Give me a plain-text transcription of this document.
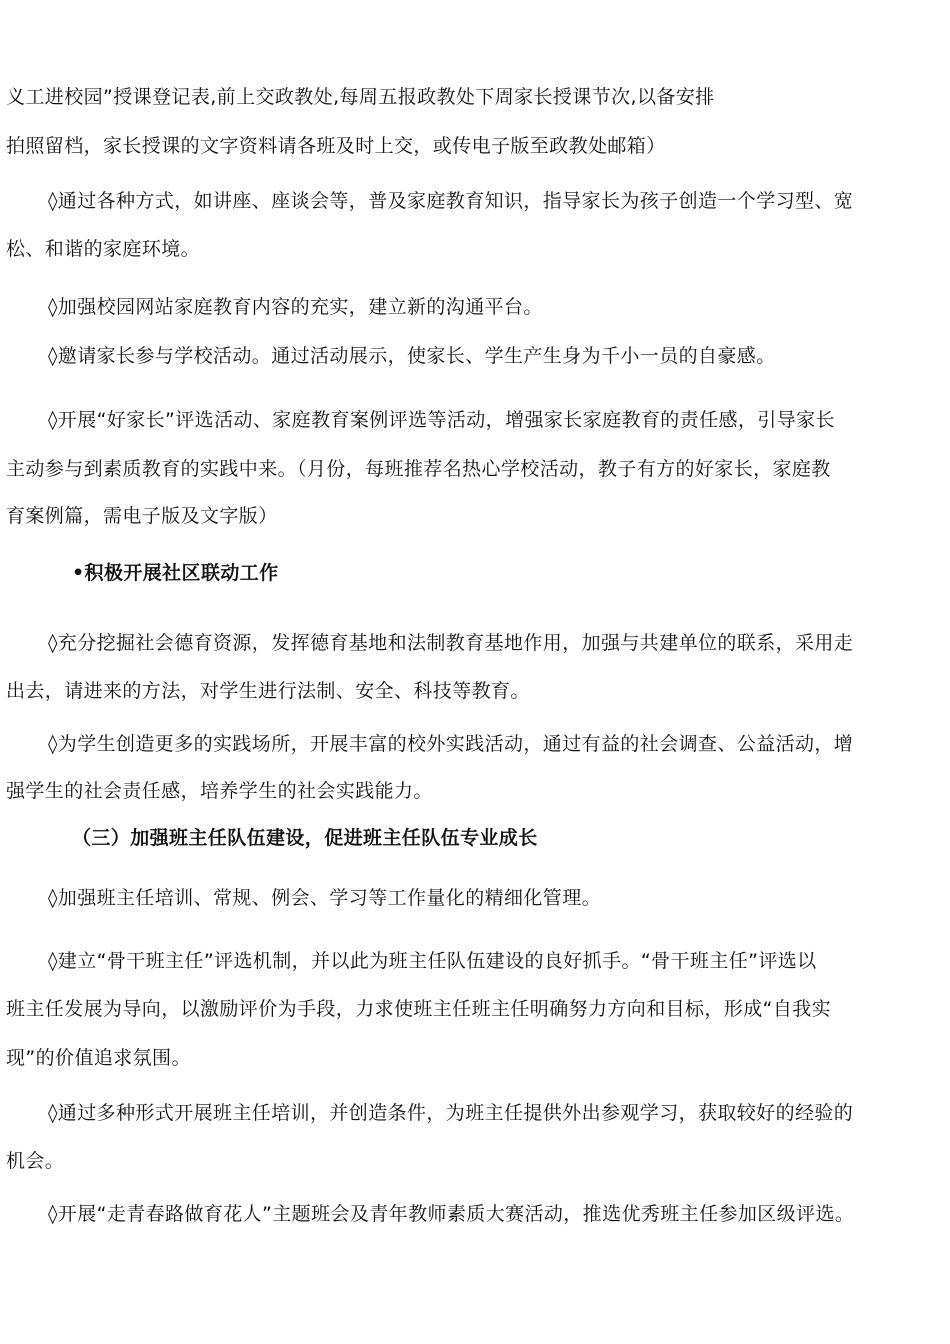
义工进校园”授课登记表,前上交政教处,每周五报政教处下周家长授课节次,以备安排
拍照留档，家长授课的文字资料请各班及时上交，或传电子版至政教处邮箱）
◊通过各种方式，如讲座、座谈会等，普及家庭教育知识，指导家长为孩子创造一个学习型、宽
松、和谐的家庭环境。
◊加强校园网站家庭教育内容的充实，建立新的沟通平台。
◊邀请家长参与学校活动。通过活动展示，使家长、学生产生身为千小一员的自豪感。
◊开展“好家长”评选活动、家庭教育案例评选等活动，增强家长家庭教育的责任感，引导家长
主动参与到素质教育的实践中来。（月份，每班推荐名热心学校活动，教子有方的好家长，家庭教
育案例篇，需电子版及文字版）
•积极开展社区联动工作
◊充分挖掘社会德育资源，发挥德育基地和法制教育基地作用，加强与共建单位的联系，采用走
出去，请进来的方法，对学生进行法制、安全、科技等教育。
◊为学生创造更多的实践场所，开展丰富的校外实践活动，通过有益的社会调查、公益活动，增
强学生的社会责任感，培养学生的社会实践能力。
（三）加强班主任队伍建设，促进班主任队伍专业成长
◊加强班主任培训、常规、例会、学习等工作量化的精细化管理。
◊建立“骨干班主任”评选机制，并以此为班主任队伍建设的良好抓手。“骨干班主任”评选以
班主任发展为导向，以激励评价为手段，力求使班主任班主任明确努力方向和目标，形成“自我实
现”的价值追求氛围。
◊通过多种形式开展班主任培训，并创造条件，为班主任提供外出参观学习，获取较好的经验的
机会。
◊开展“走青春路做育花人”主题班会及青年教师素质大赛活动，推选优秀班主任参加区级评选。
